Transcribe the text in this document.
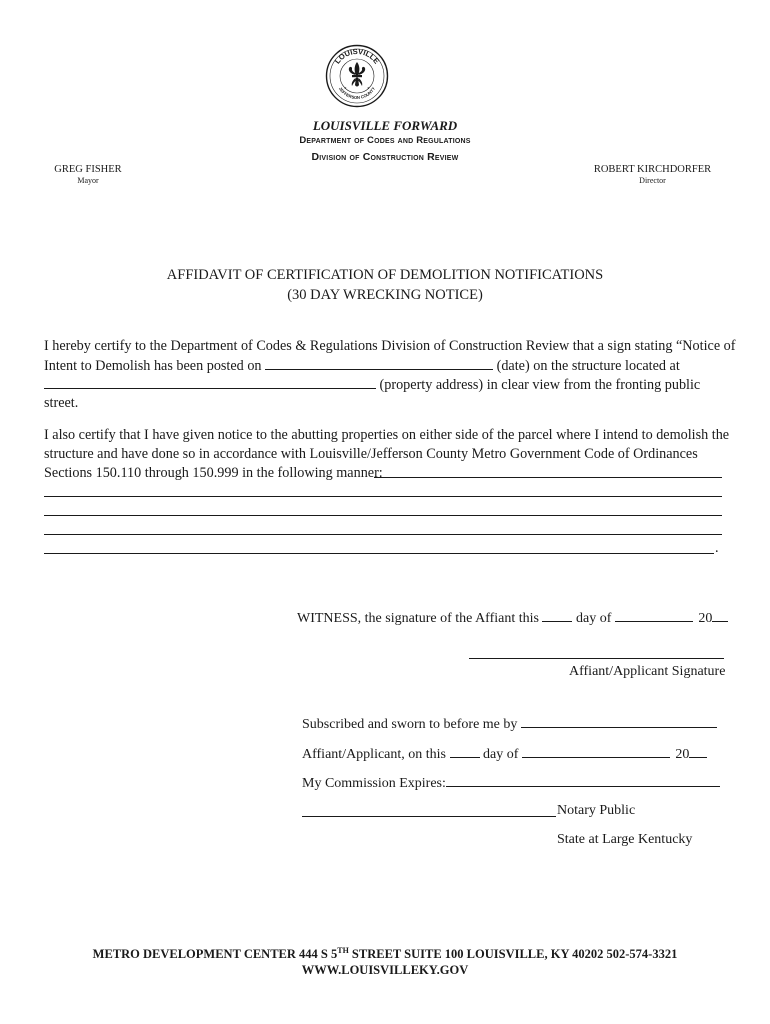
LOUISVILLE
JEFFERSON COUNTY
★	★
LOUISVILLE FORWARD
Department of Codes and Regulations
Division of Construction Review
GREG FISHER
Mayor
ROBERT KIRCHDORFER
Director
AFFIDAVIT OF CERTIFICATION OF DEMOLITION NOTIFICATIONS
(30 DAY WRECKING NOTICE)
I hereby certify to the Department of Codes & Regulations Division of Construction Review that a sign stating “Notice of
Intent to Demolish has been posted on	(date) on the structure located at
(property address) in clear view from the fronting public
street.
I also certify that I have given notice to the abutting properties on either side of the parcel where I intend to demolish the
structure and have done so in accordance with Louisville/Jefferson County Metro Government Code of Ordinances
Sections 150.110 through 150.999 in the following manner:
.
WITNESS, the signature of the Affiant this	day of	20
Affiant/Applicant Signature
Subscribed and sworn to before me by
Affiant/Applicant, on this	day of	20
My Commission Expires:
Notary Public
State at Large Kentucky
METRO DEVELOPMENT CENTER 444 S 5TH STREET SUITE 100 LOUISVILLE, KY 40202 502-574-3321
WWW.LOUISVILLEKY.GOV
